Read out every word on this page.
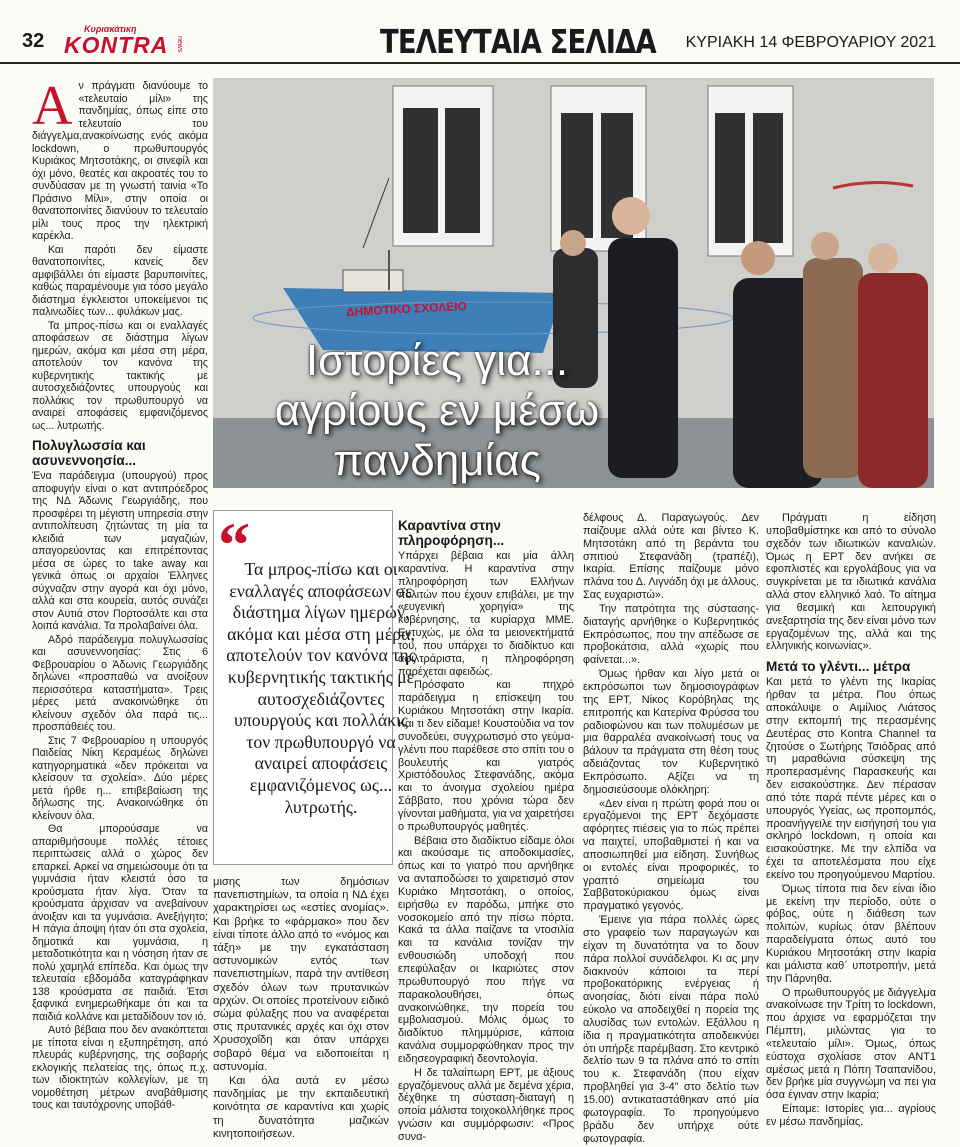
32
Κυριακάτικη
KONTRA news	ΤΕΛΕΥΤΑΙΑ ΣΕΛΙΔΑ ΚΥΡΙΑΚΗ 14 ΦΕΒΡΟΥΑΡΙΟΥ 2021

Αν πράγματι διανύουμε το «τελευταίο μίλι» της πανδημίας, όπως είπε στο τελευταίο του διάγγελμα,ανακοίνωσης ενός ακόμα lockdown, ο πρωθυπουργός Κυριάκος Μητσοτάκης, οι σινεφίλ και όχι μόνο, θεατές και ακροατές του το συνδύασαν με τη γνωστή ταινία «Το Πράσινο Μίλι», στην οποία οι θανατοποινίτες διανύουν το τελευταίο μίλι τους προς την ηλεκτρική καρέκλα.

Και παρότι δεν είμαστε θανατοποινίτες, κανείς δεν αμφιβάλλει ότι είμαστε βαρυποινίτες, καθώς παραμένουμε για τόσο μεγάλο διάστημα έγκλειστοι υποκείμενοι τις παλινωδίες των... φυλάκων μας.

Τα μπρος-πίσω και οι εναλλαγές αποφάσεων σε διάστημα λίγων ημερών, ακόμα και μέσα στη μέρα, αποτελούν τον κανόνα της κυβερνητικής τακτικής με αυτοσχεδιάζοντες υπουργούς και πολλάκις τον πρωθυπουργό να αναιρεί αποφάσεις εμφανιζόμενος ως... λυτρωτής.

Πολυγλωσσία και ασυνεννοησία...

Ένα παράδειγμα (υπουργού) προς αποφυγήν είναι ο κατ αντιπρόεδρος της ΝΔ Άδωνις Γεωργιάδης, που προσφέρει τη μέγιστη υπηρεσία στην αντιπολίτευση ζητώντας τη μία τα κλειδιά των μαγαζιών, απαγορεύοντας και επιτρέποντας μέσα σε ώρες το take away και γενικά όπως οι αρχαίοι Έλληνες σύχναζαν στην αγορά και όχι μόνο, αλλά και στα κουρεία, αυτός συνάζει στον Αυτιά στον Πορτοσάλτε και στα λοιπά κανάλια. Τα προλαβαίνει όλα.

Αδρό παράδειγμα πολυγλωσσίας και ασυνεννοησίας: Στις 6 Φεβρουαρίου ο Άδωνις Γεωργιάδης δηλώνει «προσπαθώ να ανοίξουν περισσότερα καταστήματα». Τρεις μέρες μετά ανακοινώθηκε ότι κλείνουν σχεδόν όλα παρά τις... προσπάθειές του.

Στις 7 Φεβρουαρίου η υπουργός Παιδείας Νίκη Κεραμέως δηλώνει κατηγορηματικά «δεν πρόκειται να κλείσουν τα σχολεία». Δύο μέρες μετά ήρθε η... επιβεβαίωση της δήλωσης της. Ανακοινώθηκε ότι κλείνουν όλα.

Θα μπορούσαμε να απαριθμήσουμε πολλές τέτοιες περιπτώσεις αλλά ο χώρος δεν επαρκεί. Αρκεί να σημειώσουμε ότι τα γυμνάσια ήταν κλειστά όσο τα κρούσματα ήταν λίγα. Όταν τα κρούσματα άρχισαν να ανεβαίνουν άνοιξαν και τα γυμνάσια. Ανεξήγητο; Η πάγια άποψη ήταν ότι στα σχολεία, δημοτικά και γυμνάσια, η μεταδοτικότητα και η νόσηση ήταν σε πολύ χαμηλά επίπεδα. Και όμως την τελευταία εβδομάδα καταγράφηκαν 138 κρούσματα σε παιδιά. Έτσι ξαφνικά ενημερωθήκαμε ότι και τα παιδιά κολλάνε και μεταδίδουν τον ιό.

Αυτό βέβαια που δεν ανακόπτεται με τίποτα είναι η εξυπηρέτηση, από πλευράς κυβέρνησης, της σοβαρής εκλογικής πελατείας της, όπως π.χ. των ιδιοκτητών κολλεγίων, με τη νομοθέτηση μέτρων αναβάθμισης τους και ταυτόχρονης υποβάθ-

ΔΗΜΟΤΙΚΟ ΣΧΟΛΕΙΟ
Ιστορίες για... αγρίους εν μέσω πανδημίας
“
Τα μπρος-πίσω και οι εναλλαγές αποφάσεων σε διάστημα λίγων ημερών, ακόμα και μέσα στη μέρα, αποτελούν τον κανόνα της κυβερνητικής τακτικής με αυτοσχεδιάζοντες υπουργούς και πολλάκις τον πρωθυπουργό να αναιρεί αποφάσεις εμφανιζόμενος ως... λυτρωτής.

μισης των δημόσιων πανεπιστημίων, τα οποία η ΝΔ έχει χαρακτηρίσει ως «εστίες ανομίας». Και βρήκε το «φάρμακο» που δεν είναι τίποτε άλλο από το «νόμος και τάξη» με την εγκατάσταση αστυνομικών εντός των πανεπιστημίων, παρά την αντίθεση σχεδόν όλων των πρυτανικών αρχών. Οι οποίες προτείνουν ειδικό σώμα φύλαξης που να αναφέρεται στις πρυτανικές αρχές και όχι στον Χρυσοχοΐδη και όταν υπάρχει σοβαρό θέμα να ειδοποιείται η αστυνομία.

Και όλα αυτά εν μέσω πανδημίας με την εκπαιδευτική κοινότητα σε καραντίνα και χωρίς τη δυνατότητα μαζικών κινητοποιήσεων.

Καραντίνα στην πληροφόρηση...

Υπάρχει βέβαια και μία άλλη καραντίνα. Η καραντίνα στην πληροφόρηση των Ελλήνων πολιτών που έχουν επιβάλει, με την «ευγενική χορηγία» της κυβέρνησης, τα κυρίαρχα ΜΜΕ. Ευτυχώς, με όλα τα μειονεκτήματά του, που υπάρχει το διαδίκτυο και αφιλτράριστα, η πληροφόρηση παρέχεται αφειδώς.

Πρόσφατο και πηχρό παράδειγμα η επίσκεψη του Κυριάκου Μητσοτάκη στην Ικαρία. Και τι δεν είδαμε! Κουστούδια να τον συνοδεύει, συγχρωτισμό στο γεύμα-γλέντι που παρέθεσε στο σπίτι του ο βουλευτής και γιατρός Χριστόδουλος Στεφανάδης, ακόμα και το άνοιγμα σχολείου ημέρα Σάββατο, που χρόνια τώρα δεν γίνονται μαθήματα, για να χαιρετήσει ο πρωθυπουργός μαθητές.

Βέβαια στο διαδίκτυο είδαμε όλοι και ακούσαμε τις αποδοκιμασίες, όπως και το γιατρό που αρνήθηκε να ανταποδώσει το χαιρετισμό στον Κυριάκο Μητσοτάκη, ο οποίος, ειρήσθω εν παρόδω, μπήκε στο νοσοκομείο από την πίσω πόρτα. Κακά τα άλλα παίζανε τα ντοσιλία και τα κανάλια τονίζαν την ενθουσιώδη υποδοχή που επεφύλαξαν οι Ικαριώτες στον πρωθυπουργό που πήγε να παρακολουθήσει, όπως ανακοινώθηκε, την πορεία του εμβολιασμού. Μόλις όμως το διαδίκτυο πλημμύρισε, κάποια κανάλια συμμορφώθηκαν προς την ειδησεογραφική δεοντολογία.

Η δε ταλαίπωρη ΕΡΤ, με άξιους εργαζόμενους αλλά με δεμένα χέρια, δέχθηκε τη σύσταση-διαταγή η οποία μάλιστα τοιχοκολλήθηκε προς γνώσιν και συμμόρφωσιν: «Προς συνα-

δέλφους Δ. Παραγωγούς. Δεν παίζουμε αλλά ούτε και βίντεο Κ. Μητσοτάκη από τη βεράντα του σπιτιού Στεφανάδη (τραπέζι), Ικαρία. Επίσης παίζουμε μόνο πλάνα του Δ. Λιγνάδη όχι με άλλους. Σας ευχαριστώ».

Την πατρότητα της σύστασης-διαταγής αρνήθηκε ο Κυβερνητικός Εκπρόσωπος, που την απέδωσε σε προβοκάτσια, αλλά «χωρίς που φαίνεται...».

Όμως ήρθαν και λίγο μετά οι εκπρόσωποι των δημοσιογράφων της ΕΡΤ, Νίκος Κορόβηλας της επιτροπής και Κατερίνα Φρύσσα του ραδιοφώνου και των πολυμέσων με μια θαρραλέα ανακοίνωσή τους να βάλουν τα πράγματα στη θέση τους αδειάζοντας τον Κυβερνητικό Εκπρόσωπο. Αξίζει να τη δημοσιεύσουμε ολόκληρη:

«Δεν είναι η πρώτη φορά που οι εργαζόμενοι της ΕΡΤ δεχόμαστε αφόρητες πιέσεις για το πώς πρέπει να παιχτεί, υποβαθμιστεί ή και να αποσιωπηθεί μια είδηση. Συνήθως οι εντολές είναι προφορικές, το γραπτό σημείωμα του Σαββατοκύριακου όμως είναι πραγματικό γεγονός.

Έμεινε για πάρα πολλές ώρες στο γραφείο των παραγωγών και είχαν τη δυνατότητα να το δουν πάρα πολλοί συνάδελφοι. Κι ας μην διακινούν κάποιοι τα περί προβοκατόρικης ενέργειας ή ανοησίας, διότι είναι πάρα πολύ εύκολο να αποδειχθεί η πορεία της αλυσίδας των εντολών. Εξάλλου η ίδια η πραγματικότητα αποδεικνύει ότι υπήρξε παρέμβαση. Στο κεντρικό δελτίο των 9 τα πλάνα από το σπίτι του κ. Στεφανάδη (που είχαν προβληθεί για 3-4” στο δελτίο των 15.00) αντικαταστάθηκαν από μία φωτογραφία. Το προηγούμενο βράδυ δεν υπήρχε ούτε φωτογραφία.

Πράγματι η είδηση υποβαθμίστηκε και από το σύνολο σχεδόν των ιδιωτικών καναλιών. Όμως η ΕΡΤ δεν ανήκει σε εφοπλιστές και εργολάβους για να συγκρίνεται με τα ιδιωτικά κανάλια αλλά στον ελληνικό λαό. Το αίτημα για θεσμική και λειτουργική ανεξαρτησία της δεν είναι μόνο των εργαζομένων της, αλλά και της ελληνικής κοινωνίας».

Μετά το γλέντι... μέτρα

Και μετά το γλέντι της Ικαρίας ήρθαν τα μέτρα. Που όπως αποκάλυψε ο Αιμίλιος Λιάτσος στην εκπομπή της περασμένης Δευτέρας στο Kontra Channel τα ζητούσε ο Σωτήρης Τσιόδρας από τη μαραθώνια σύσκεψη της προπερασμένης Παρασκευής και δεν εισακούστηκε. Δεν πέρασαν από τότε παρά πέντε μέρες και ο υπουργός Υγείας, ως προπομπός, προανήγγειλε την εισήγησή του για σκληρό lockdown, η οποία και εισακούστηκε. Με την ελπίδα να έχει τα αποτελέσματα που είχε εκείνο του προηγούμενου Μαρτίου.

Όμως τίποτα πια δεν είναι ίδιο με εκείνη την περίοδο, ούτε ο φόβος, ούτε η διάθεση των πολιτών, κυρίως όταν βλέπουν παραδείγματα όπως αυτό του Κυριάκου Μητσοτάκη στην Ικαρία και μάλιστα καθ΄ υποτροπήν, μετά την Πάρνηθα.

Ο πρωθυπουργός με διάγγελμα ανακοίνωσε την Τρίτη το lockdown, που άρχισε να εφαρμόζεται την Πέμπτη, μιλώντας για το «τελευταίο μίλι». Όμως, όπως εύστοχα σχολίασε στον ΑΝΤ1 αμέσως μετά η Πόπη Τσαπανίδου, δεν βρήκε μία συγγνώμη να πει για όσα έγιναν στην Ικαρία;

Είπαμε: Ιστορίες για... αγρίους εν μέσω πανδημίας.
